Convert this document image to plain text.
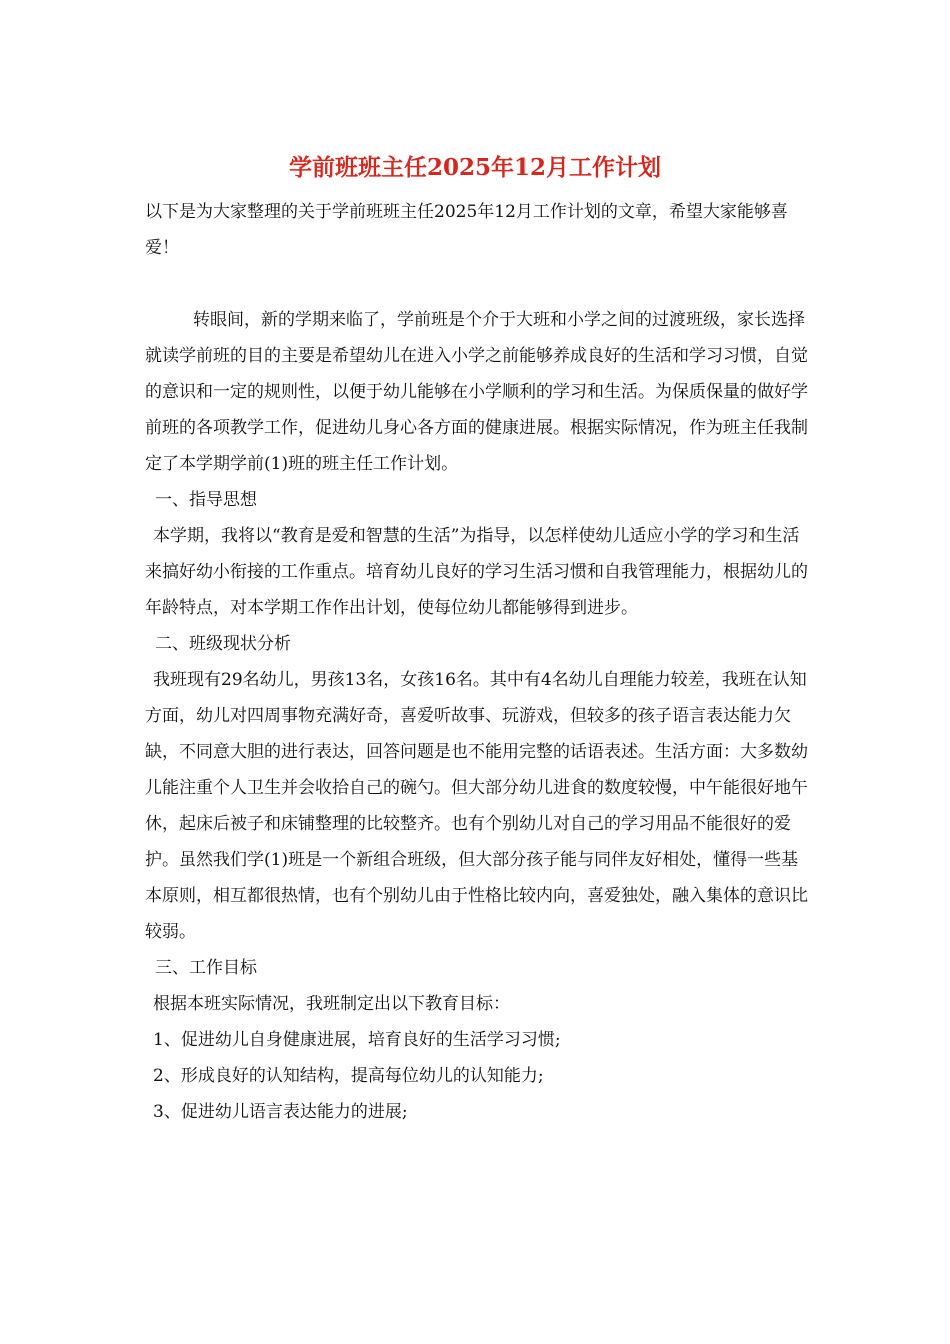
学前班班主任2025年12月工作计划

以下是为大家整理的关于学前班班主任2025年12月工作计划的文章，希望大家能够喜爱！

转眼间，新的学期来临了，学前班是个介于大班和小学之间的过渡班级，家长选择就读学前班的目的主要是希望幼儿在进入小学之前能够养成良好的生活和学习习惯，自觉的意识和一定的规则性，以便于幼儿能够在小学顺利的学习和生活。为保质保量的做好学前班的各项教学工作，促进幼儿身心各方面的健康进展。根据实际情况，作为班主任我制定了本学期学前(1)班的班主任工作计划。

一、指导思想

本学期，我将以“教育是爱和智慧的生活”为指导，以怎样使幼儿适应小学的学习和生活来搞好幼小衔接的工作重点。培育幼儿良好的学习生活习惯和自我管理能力，根据幼儿的年龄特点，对本学期工作作出计划，使每位幼儿都能够得到进步。

二、班级现状分析

我班现有29名幼儿，男孩13名，女孩16名。其中有4名幼儿自理能力较差，我班在认知方面，幼儿对四周事物充满好奇，喜爱听故事、玩游戏，但较多的孩子语言表达能力欠缺，不同意大胆的进行表达，回答问题是也不能用完整的话语表述。生活方面：大多数幼儿能注重个人卫生并会收拾自己的碗勺。但大部分幼儿进食的数度较慢，中午能很好地午休，起床后被子和床铺整理的比较整齐。也有个别幼儿对自己的学习用品不能很好的爱护。虽然我们学(1)班是一个新组合班级，但大部分孩子能与同伴友好相处，懂得一些基本原则，相互都很热情，也有个别幼儿由于性格比较内向，喜爱独处，融入集体的意识比较弱。

三、工作目标

根据本班实际情况，我班制定出以下教育目标：

1、促进幼儿自身健康进展，培育良好的生活学习习惯;

2、形成良好的认知结构，提高每位幼儿的认知能力;

3、促进幼儿语言表达能力的进展;
